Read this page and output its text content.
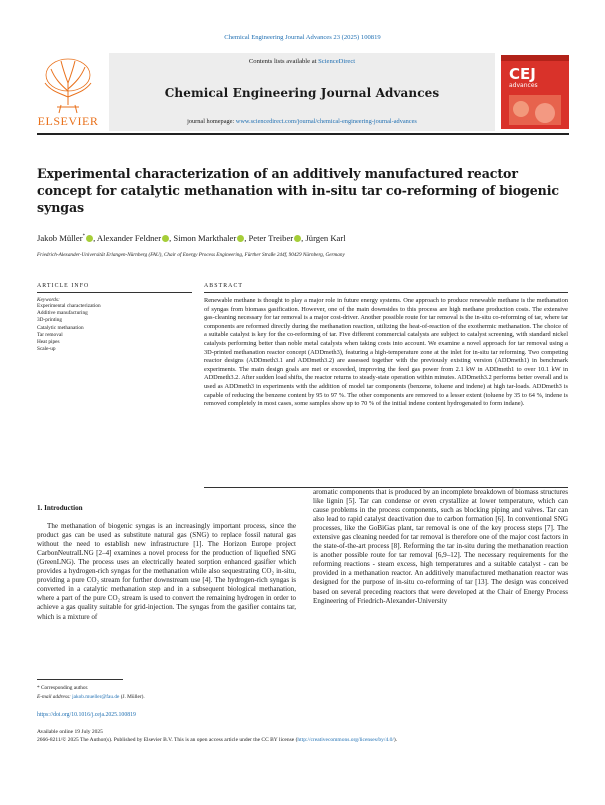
Chemical Engineering Journal Advances 23 (2025) 100819
ELSEVIER
Contents lists available at ScienceDirect
Chemical Engineering Journal Advances
journal homepage: www.sciencedirect.com/journal/chemical-engineering-journal-advances
CEJ
advances
Experimental characterization of an additively manufactured reactor concept for catalytic methanation with in-situ tar co-reforming of biogenic syngas
Jakob Müller* , Alexander Feldner , Simon Markthaler , Peter Treiber , Jürgen Karl
Friedrich-Alexander-Universität Erlangen-Nürnberg (FAU), Chair of Energy Process Engineering, Fürther Straße 244f, 90429 Nürnberg, Germany
ARTICLE INFO
Keywords:
Experimental characterization
Additive manufacturing
3D-printing
Catalytic methanation
Tar removal
Heat pipes
Scale-up
ABSTRACT
Renewable methane is thought to play a major role in future energy systems. One approach to produce renewable methane is the methanation of syngas from biomass gasification. However, one of the main downsides to this process are high methane production costs. The extensive gas-cleaning necessary for tar removal is a major cost-driver. Another possible route for tar removal is the in-situ co-reforming of tar, where tar components are reformed directly during the methanation reaction, utilizing the heat-of-reaction of the exothermic methanation. The choice of a suitable catalyst is key for the co-reforming of tar. Five different commercial catalysts are subject to catalyst screening, with standard nickel catalysts performing better than noble metal catalysts when taking costs into account. We examine a novel approach for tar removal using a 3D-printed methanation reactor concept (ADDmeth3), featuring a high-temperature zone at the inlet for in-situ tar reforming. Two competing reactor designs (ADDmeth3.1 and ADDmeth3.2) are assessed together with the previously existing version (ADDmeth1) in benchmark experiments. The main design goals are met or exceeded, improving the feed gas power from 2.1 kW in ADDmeth1 to over 10.1 kW in ADDmeth3.2. After sudden load shifts, the reactor returns to steady-state operation within minutes. ADDmeth3.2 performs better overall and is used as ADDmeth3 in experiments with the addition of model tar components (benzene, toluene and indene) at high tar-loads. ADDmeth3 is capable of reducing the benzene content by 95 to 97 %. The other components are removed to a lesser extent (toluene by 35 to 64 %, indene is removed completely in most cases, some samples show up to 70 % of the initial indene content hydrogenated to form indane).
1. Introduction

The methanation of biogenic syngas is an increasingly important process, since the product gas can be used as substitute natural gas (SNG) to replace fossil natural gas without the need to establish new infrastructure [1]. The Horizon Europe project CarbonNeutralLNG [2–4] examines a novel process for the production of liquefied SNG (GreenLNG). The process uses an electrically heated sorption enhanced gasifier which provides a hydrogen-rich syngas for the methanation while also sequestrating CO₂ in-situ, providing a pure CO₂ stream for further downstream use [4]. The hydrogen-rich syngas is converted in a catalytic methanation step and in a subsequent biological methanation, where a part of the pure CO₂ stream is used to convert the remaining hydrogen in order to achieve a gas quality suitable for grid-injection. The syngas from the gasifier contains tar, which is a mixture of

aromatic components that is produced by an incomplete breakdown of biomass structures like lignin [5]. Tar can condense or even crystallize at lower temperature, which can cause problems in the process components, such as blocking piping and valves. Tar can also lead to rapid catalyst deactivation due to carbon formation [6]. In conventional SNG processes, like the GoBiGas plant, tar removal is one of the key process steps [7]. The extensive gas cleaning needed for tar removal is therefore one of the major cost factors in the state-of-the-art process [8]. Reforming the tar in-situ during the methanation reaction is another possible route for tar removal [6,9–12]. The necessary requirements for the reforming reactions - steam excess, high temperatures and a suitable catalyst - can be provided in a methanation reactor. An additively manufactured methanation reactor was designed for the purpose of in-situ co-reforming of tar [13]. The design was conceived based on several preceding reactors that were developed at the Chair of Energy Process Engineering of Friedrich-Alexander-University

* Corresponding author.
E-mail address: jakob.mueller@fau.de (J. Müller).
https://doi.org/10.1016/j.ceja.2025.100819
Available online 19 July 2025
2666-8211/© 2025 The Author(s). Published by Elsevier B.V. This is an open access article under the CC BY license (http://creativecommons.org/licenses/by/4.0/).
